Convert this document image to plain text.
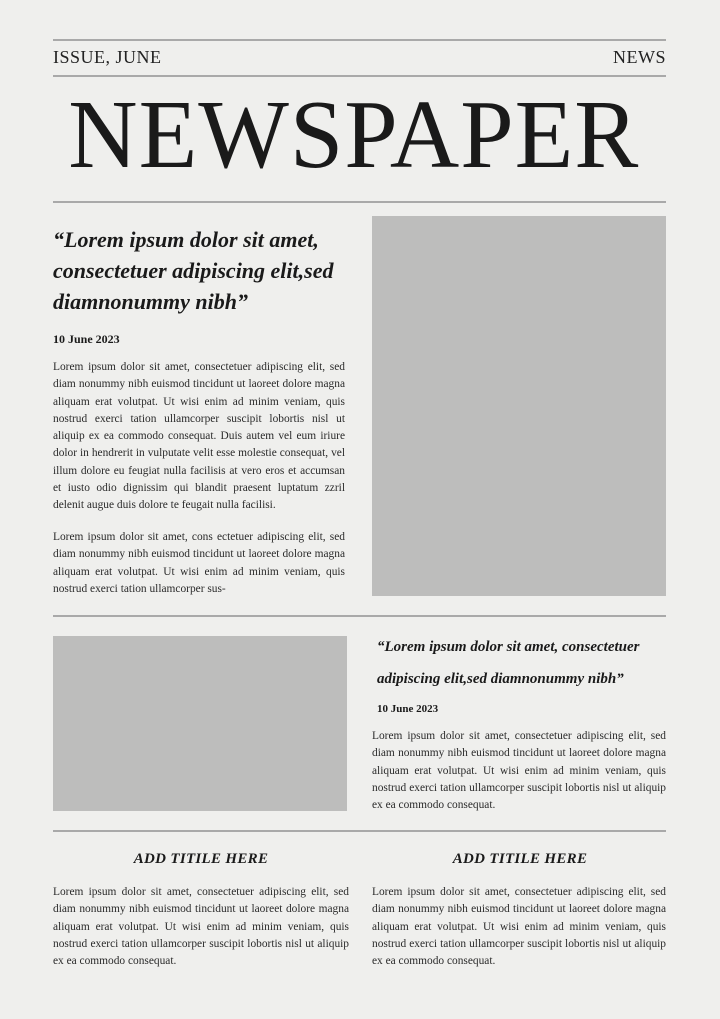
ISSUE, JUNE	NEWS
NEWSPAPER
“Lorem ipsum dolor sit amet, consectetuer adipiscing elit,sed diamnonummy nibh”
10 June 2023
Lorem ipsum dolor sit amet, consectetuer adipiscing elit, sed diam nonummy nibh euismod tincidunt ut laoreet dolore magna aliquam erat volutpat. Ut wisi enim ad minim veniam, quis nostrud exerci tation ullamcorper suscipit lobortis nisl ut aliquip ex ea commodo consequat. Duis autem vel eum iriure dolor in hendrerit in vulputate velit esse molestie consequat, vel illum dolore eu feugiat nulla facilisis at vero eros et accumsan et iusto odio dignissim qui blandit praesent luptatum zzril delenit augue duis dolore te feugait nulla facilisi.
Lorem ipsum dolor sit amet, cons ectetuer adipiscing elit, sed diam nonummy nibh euismod tincidunt ut laoreet dolore magna aliquam erat volutpat. Ut wisi enim ad minim veniam, quis nostrud exerci tation ullamcorper sus-
“Lorem ipsum dolor sit amet, consectetuer adipiscing elit,sed diamnonummy nibh”
10 June 2023
Lorem ipsum dolor sit amet, consectetuer adipiscing elit, sed diam nonummy nibh euismod tincidunt ut laoreet dolore magna aliquam erat volutpat. Ut wisi enim ad minim veniam, quis nostrud exerci tation ullamcorper suscipit lobortis nisl ut aliquip ex ea commodo consequat.
ADD TITILE HERE
Lorem ipsum dolor sit amet, consectetuer adipiscing elit, sed diam nonummy nibh euismod tincidunt ut laoreet dolore magna aliquam erat volutpat. Ut wisi enim ad minim veniam, quis nostrud exerci tation ullamcorper suscipit lobortis nisl ut aliquip ex ea commodo consequat.
ADD TITILE HERE
Lorem ipsum dolor sit amet, consectetuer adipiscing elit, sed diam nonummy nibh euismod tincidunt ut laoreet dolore magna aliquam erat volutpat. Ut wisi enim ad minim veniam, quis nostrud exerci tation ullamcorper suscipit lobortis nisl ut aliquip ex ea commodo consequat.
